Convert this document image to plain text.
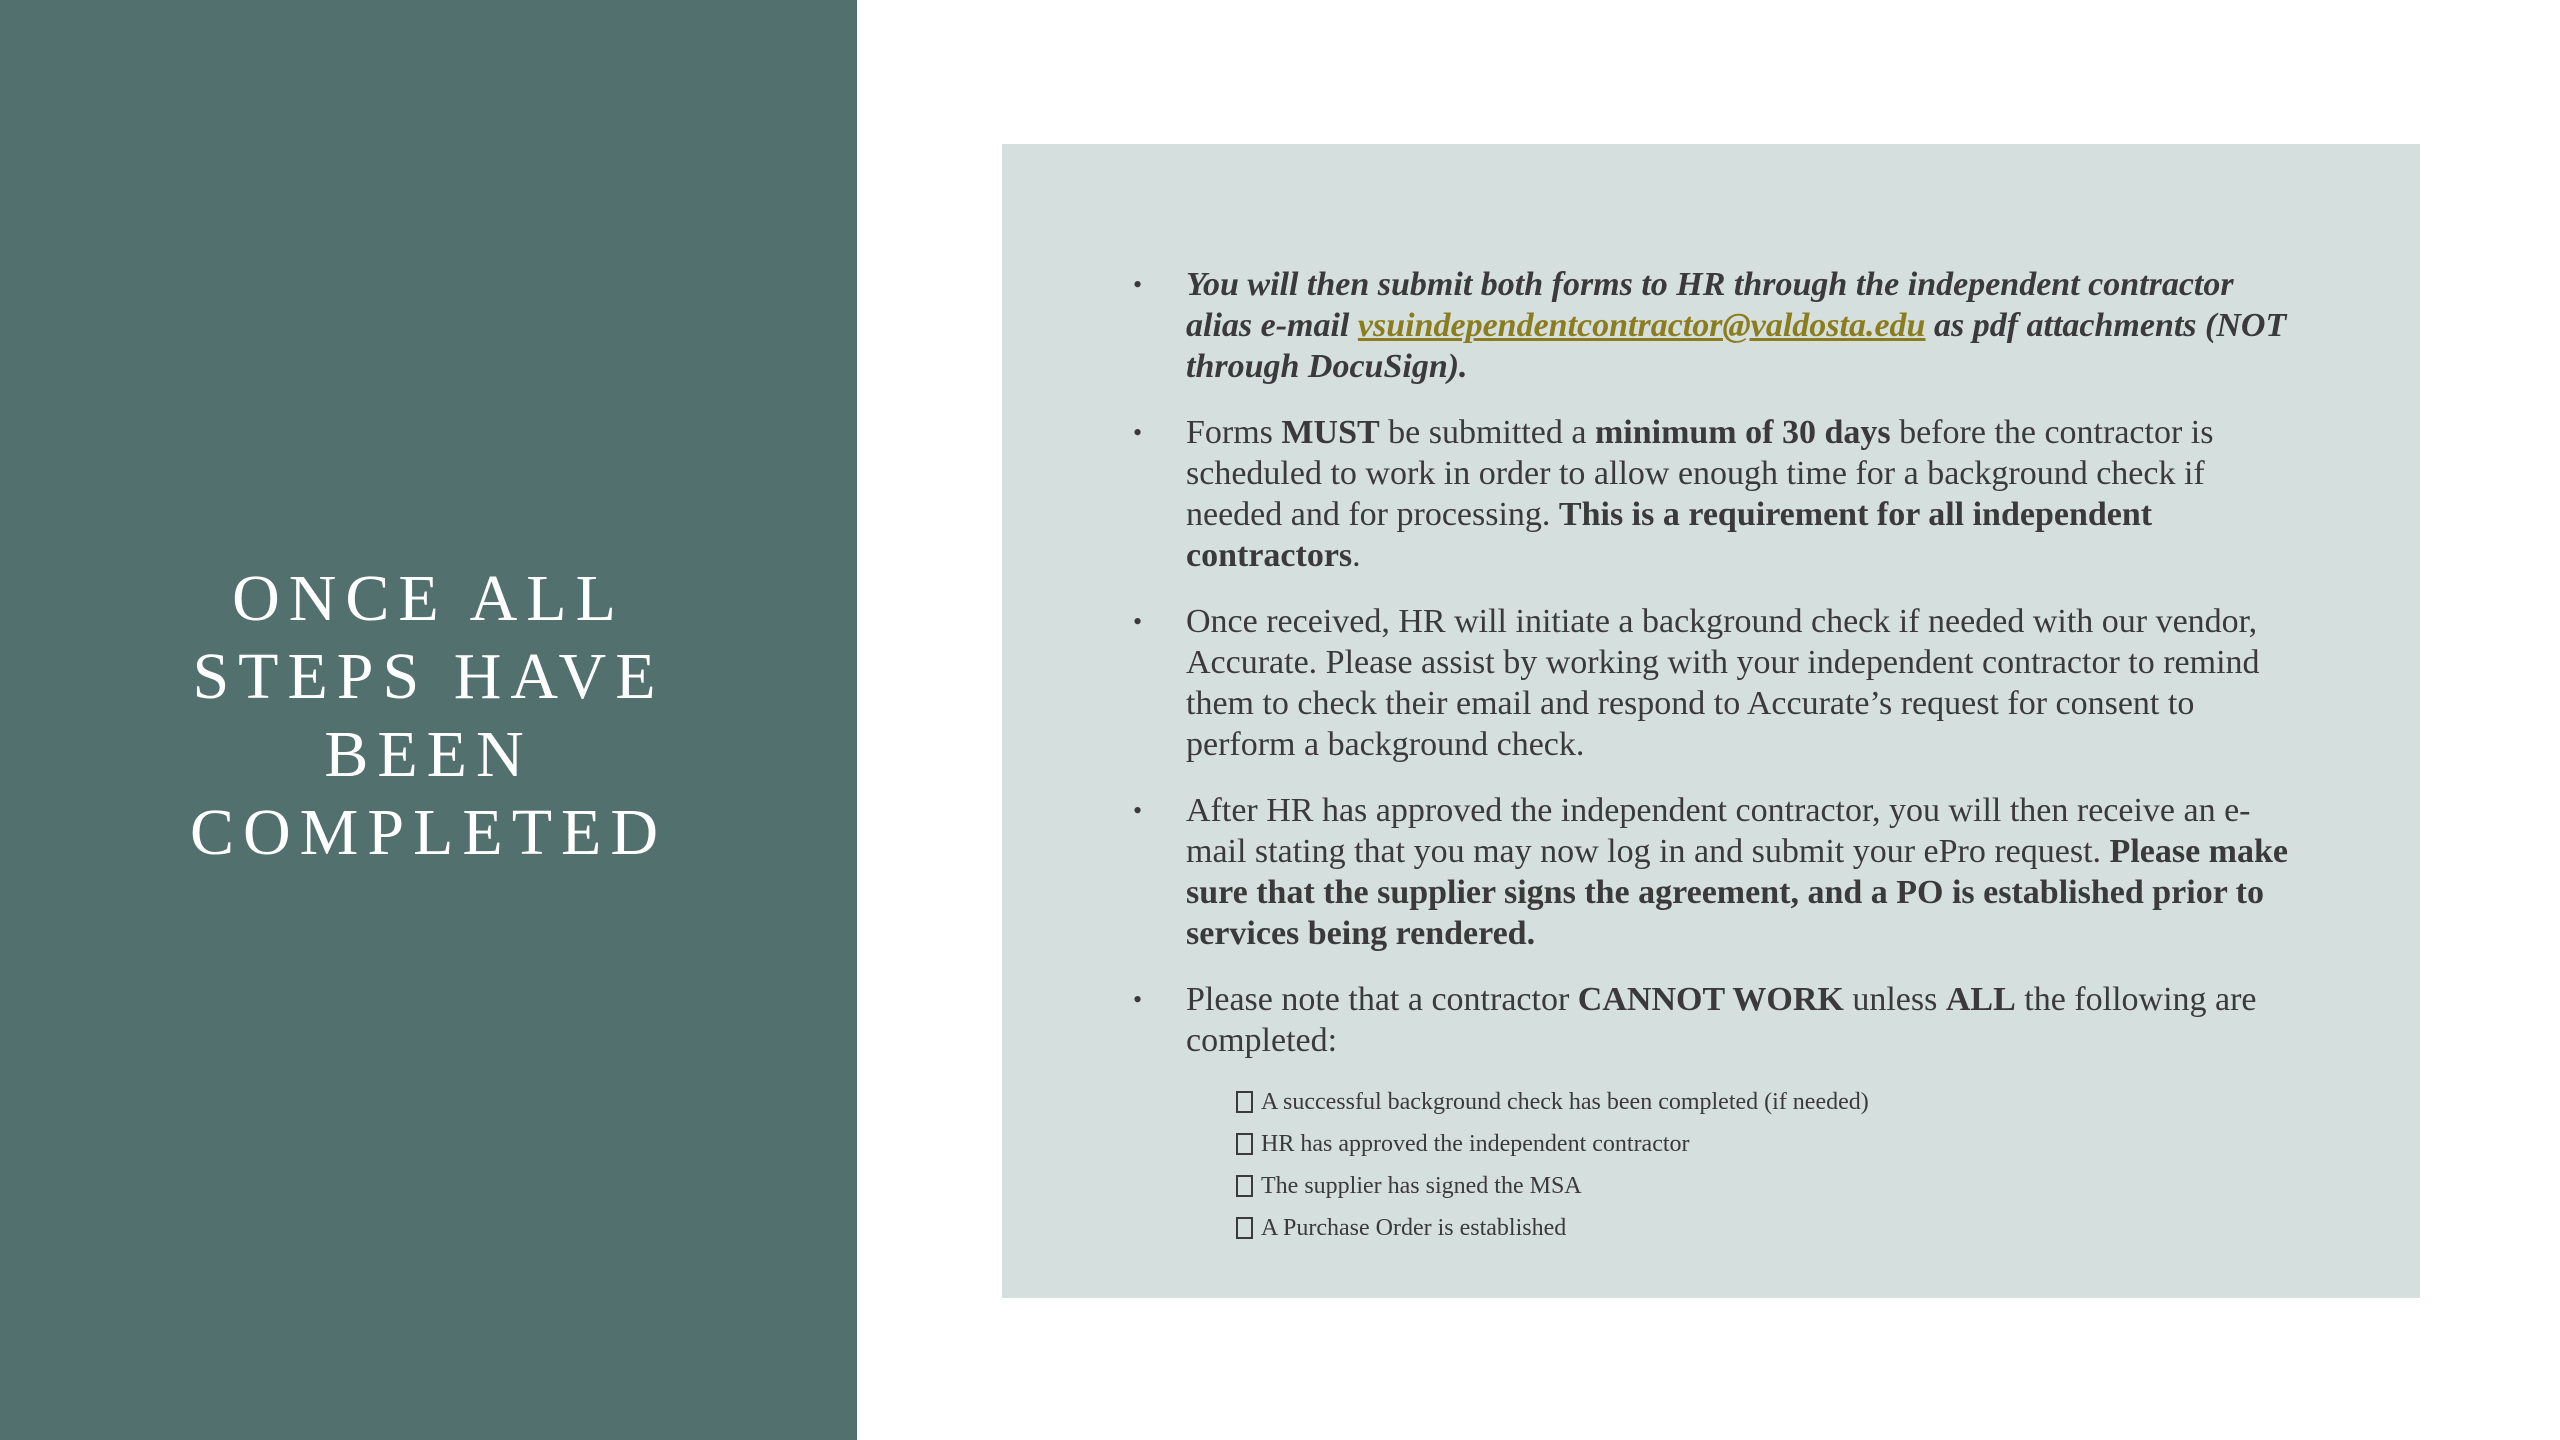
ONCE ALL
STEPS HAVE
BEEN
COMPLETED
• You will then submit both forms to HR through the independent contractor alias e-mail vsuindependentcontractor@valdosta.edu as pdf attachments (NOT through DocuSign).
• Forms MUST be submitted a minimum of 30 days before the contractor is scheduled to work in order to allow enough time for a background check if needed and for processing. This is a requirement for all independent contractors.
• Once received, HR will initiate a background check if needed with our vendor, Accurate. Please assist by working with your independent contractor to remind them to check their email and respond to Accurate’s request for consent to perform a background check.
• After HR has approved the independent contractor, you will then receive an e-mail stating that you may now log in and submit your ePro request. Please make sure that the supplier signs the agreement, and a PO is established prior to services being rendered.
• Please note that a contractor CANNOT WORK unless ALL the following are completed:
A successful background check has been completed (if needed)
HR has approved the independent contractor
The supplier has signed the MSA
A Purchase Order is established
